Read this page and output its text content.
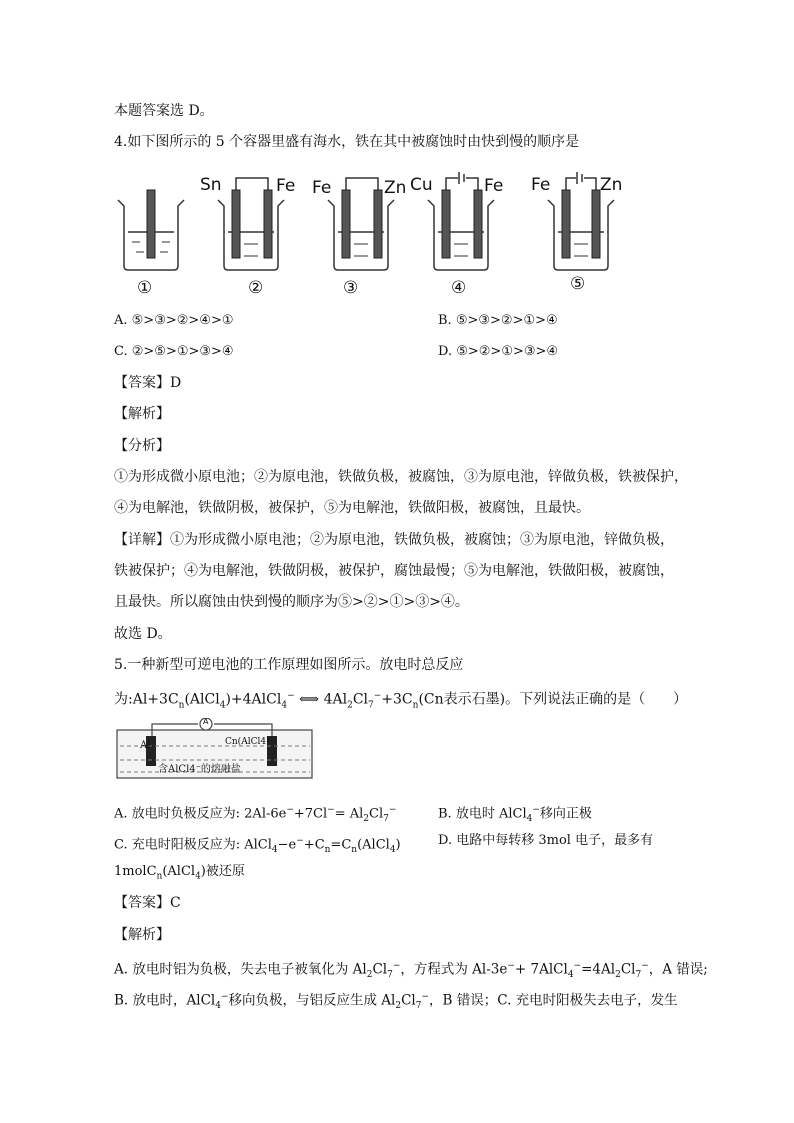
本题答案选 D。
4.如下图所示的 5 个容器里盛有海水，铁在其中被腐蚀时由快到慢的顺序是
Sn	Fe Fe	Zn Cu	Fe Fe	Zn
①	②	③	④	⑤
A. ⑤>③>②>④>①	B. ⑤>③>②>①>④
C. ②>⑤>①>③>④	D. ⑤>②>①>③>④
【答案】D
【解析】
【分析】
①为形成微小原电池；②为原电池，铁做负极，被腐蚀，③为原电池，锌做负极，铁被保护，
④为电解池，铁做阴极，被保护，⑤为电解池，铁做阳极，被腐蚀，且最快。
【详解】①为形成微小原电池；②为原电池，铁做负极，被腐蚀；③为原电池，锌做负极，
铁被保护；④为电解池，铁做阴极，被保护，腐蚀最慢；⑤为电解池，铁做阳极，被腐蚀，
且最快。所以腐蚀由快到慢的顺序为⑤>②>①>③>④。
故选 D。
5.一种新型可逆电池的工作原理如图所示。放电时总反应
为$:Al+3C_n(AlCl_4)+4AlCl_4^-$ ⟺ $4Al_2Cl_7^-+3C_n(Cn$表示石墨)。下列说法正确的是（　　）
A
Al	Cn(AlCl4)
含AlCl4⁻的熔融盐
A. 放电时负极反应为: $2Al-6e^-+7Cl^-= Al_2Cl_7^-$	B. 放电时 AlCl$_4$−移向正极
C. 充电时阳极反应为: $AlCl_4-e^-+C_n=C_n(AlCl_4)$	D. 电路中每转移 3mol 电子，最多有
1molC$_n$(AlCl$_4$)被还原
【答案】C
【解析】
A. 放电时铝为负极，失去电子被氧化为 $Al_2Cl_7^-$，方程式为 $Al-3e^-+ 7AlCl_4^-=4Al_2Cl_7^-$，A 错误;
B. 放电时，AlCl$_4$−移向负极，与铝反应生成 $Al_2Cl_7^-$，B 错误；C. 充电时阳极失去电子，发生
